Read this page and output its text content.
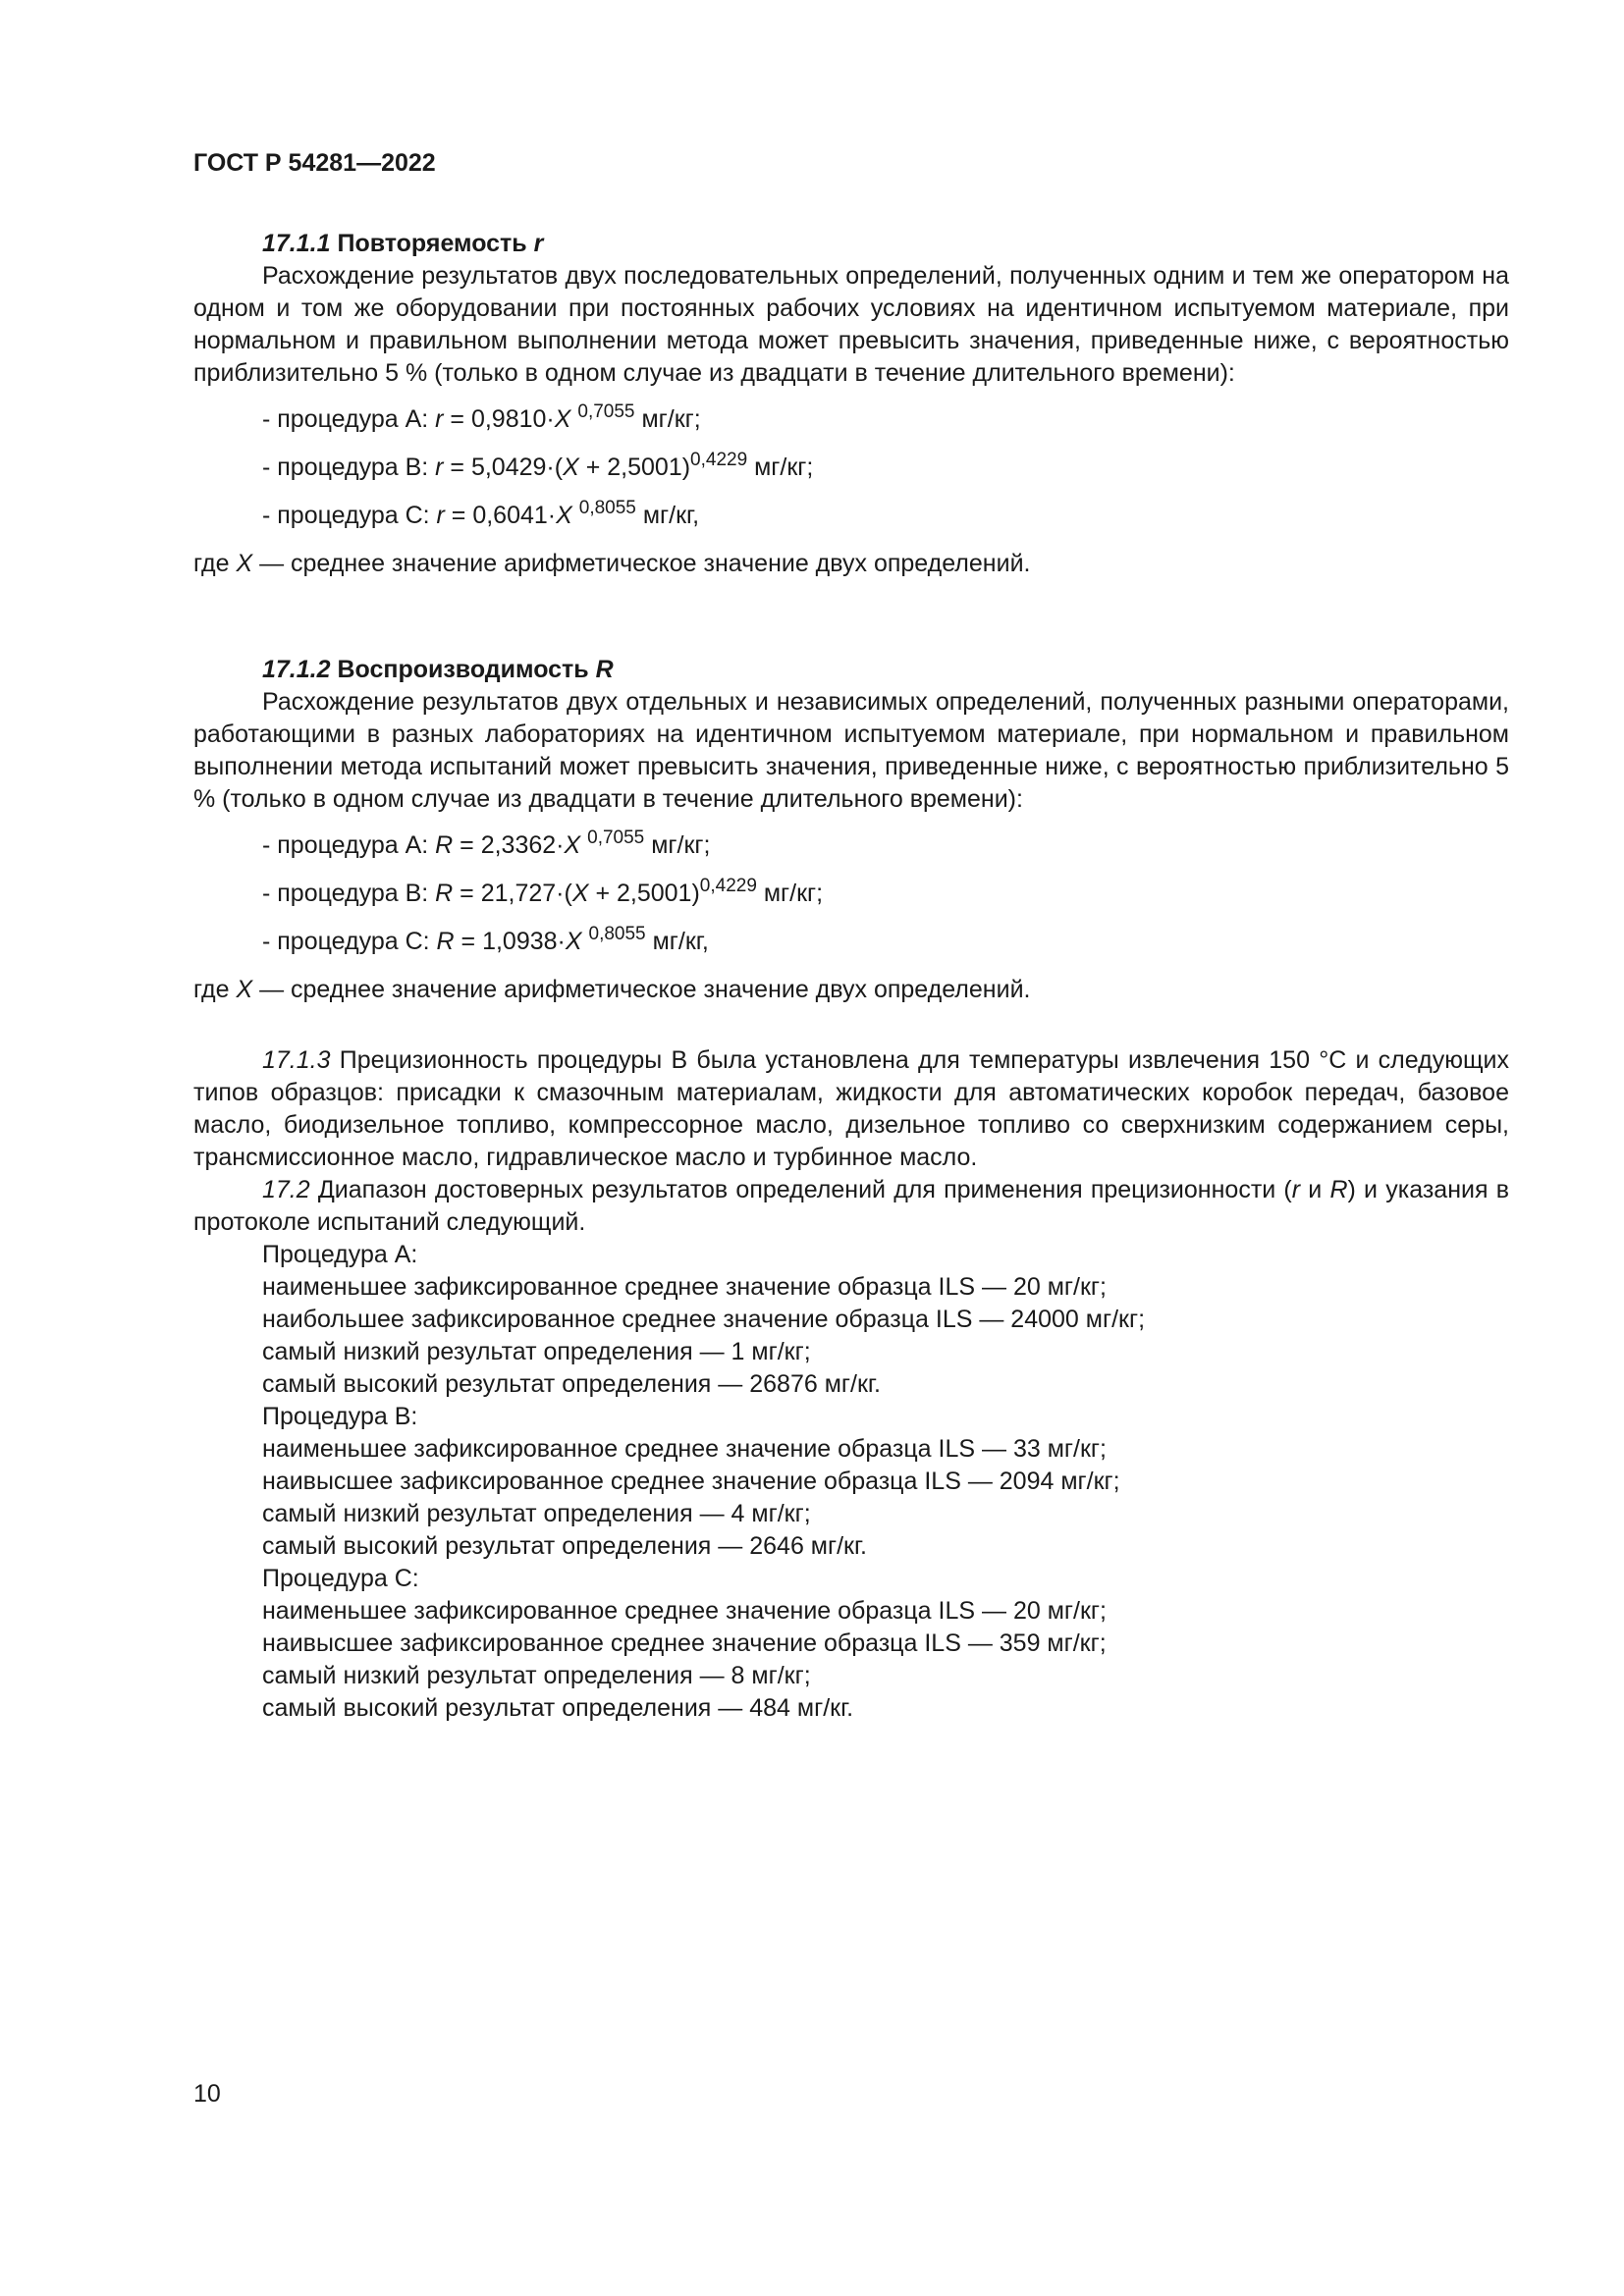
ГОСТ Р 54281—2022
17.1.1 Повторяемость r

Расхождение результатов двух последовательных определений, полученных одним и тем же оператором на одном и том же оборудовании при постоянных рабочих условиях на идентичном испытуемом материале, при нормальном и правильном выполнении метода может превысить значения, приведенные ниже, с вероятностью приблизительно 5 % (только в одном случае из двадцати в течение длительного времени):

- процедура А: r = 0,9810·X $^{0,7055}$ мг/кг;

- процедура В: $r = 5,0429\cdot(X + 2,5001)^{0,4229}$ мг/кг;

- процедура С: r = 0,6041·X $^{0,8055}$ мг/кг,

где X — среднее значение арифметическое значение двух определений.

17.1.2 Воспроизводимость R

Расхождение результатов двух отдельных и независимых определений, полученных разными операторами, работающими в разных лабораториях на идентичном испытуемом материале, при нормальном и правильном выполнении метода испытаний может превысить значения, приведенные ниже, с вероятностью приблизительно 5 % (только в одном случае из двадцати в течение длительного времени):

- процедура А: R = 2,3362·X $^{0,7055}$ мг/кг;

- процедура В: $R = 21,727\cdot(X + 2,5001)^{0,4229}$ мг/кг;

- процедура С: R = 1,0938·X $^{0,8055}$ мг/кг,

где X — среднее значение арифметическое значение двух определений.

17.1.3 Прецизионность процедуры В была установлена для температуры извлечения 150 °С и следующих типов образцов: присадки к смазочным материалам, жидкости для автоматических коробок передач, базовое масло, биодизельное топливо, компрессорное масло, дизельное топливо со сверхнизким содержанием серы, трансмиссионное масло, гидравлическое масло и турбинное масло.

17.2 Диапазон достоверных результатов определений для применения прецизионности (r и R) и указания в протоколе испытаний следующий.

Процедура А:
наименьшее зафиксированное среднее значение образца ILS — 20 мг/кг;
наибольшее зафиксированное среднее значение образца ILS — 24000 мг/кг;
самый низкий результат определения — 1 мг/кг;
самый высокий результат определения — 26876 мг/кг.
Процедура В:
наименьшее зафиксированное среднее значение образца ILS — 33 мг/кг;
наивысшее зафиксированное среднее значение образца ILS — 2094 мг/кг;
самый низкий результат определения — 4 мг/кг;
самый высокий результат определения — 2646 мг/кг.
Процедура С:
наименьшее зафиксированное среднее значение образца ILS — 20 мг/кг;
наивысшее зафиксированное среднее значение образца ILS — 359 мг/кг;
самый низкий результат определения — 8 мг/кг;
самый высокий результат определения — 484 мг/кг.
10
